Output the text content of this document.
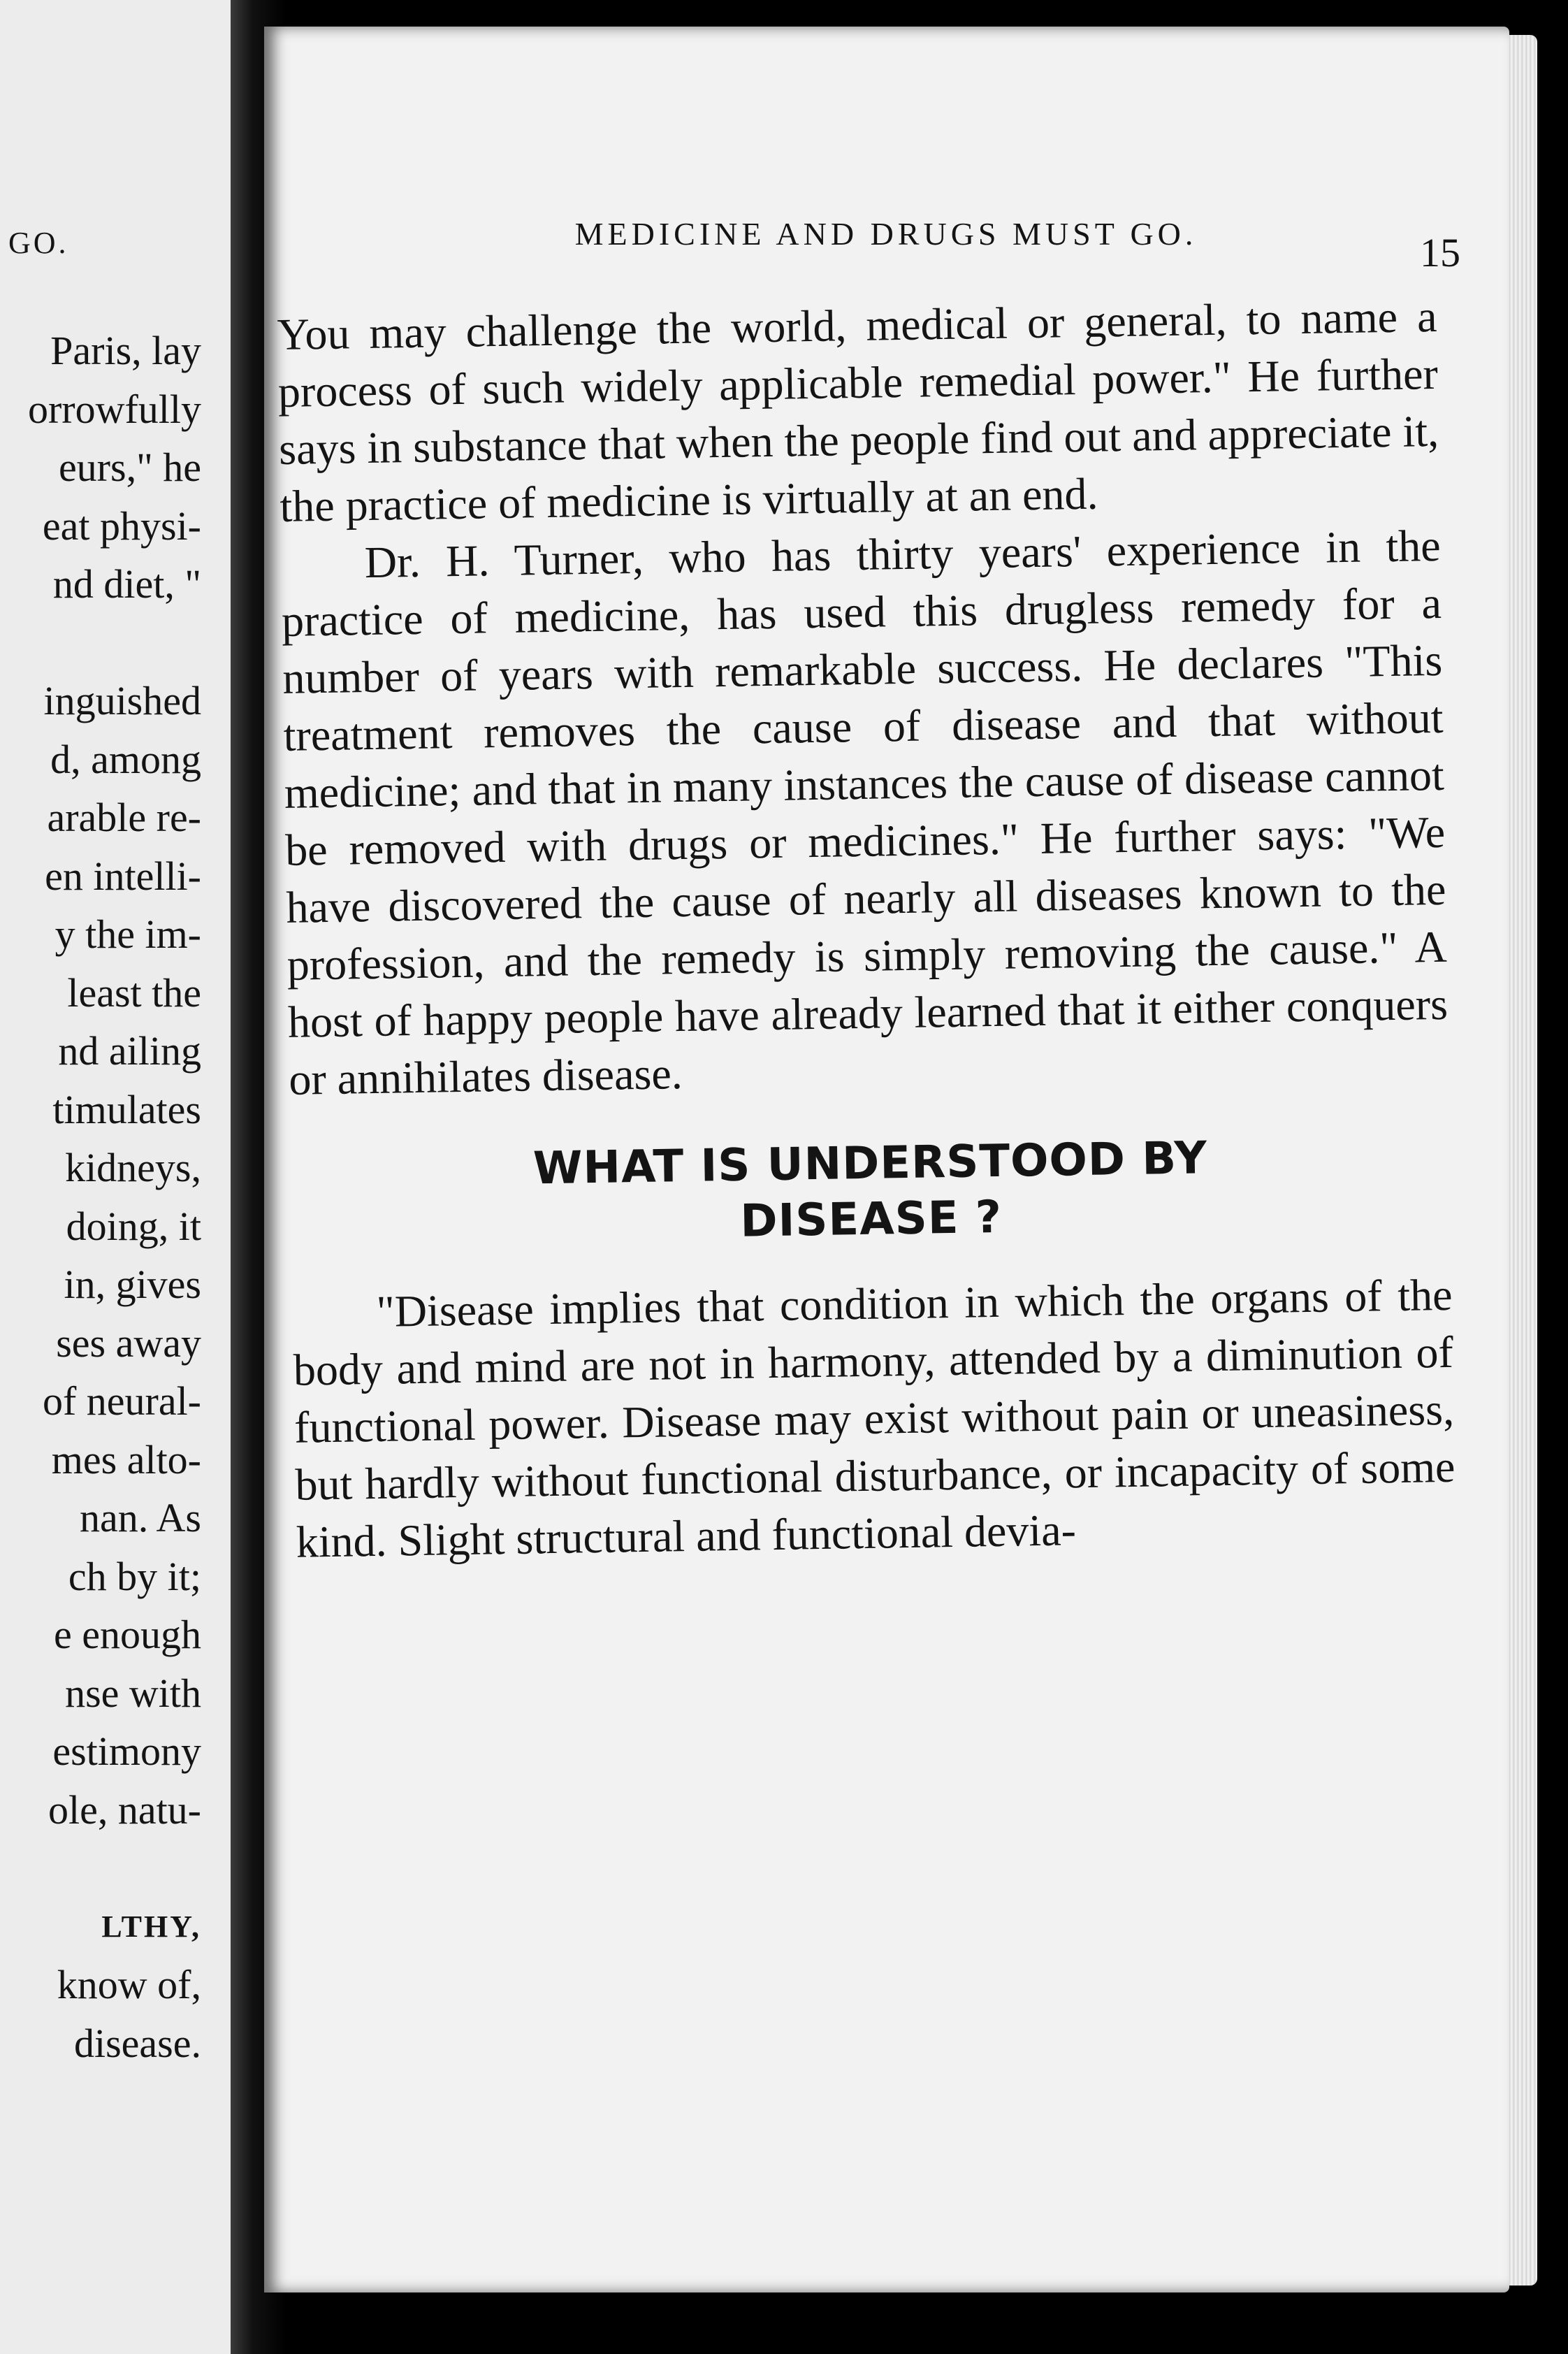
GO.
Paris, lay
orrowfully
eurs," he
eat physi-
nd diet, "
inguished
d, among
arable re-
en intelli-
y the im-
least the
nd ailing
timulates
kidneys,
doing, it
in, gives
ses away
of neural-
mes alto-
nan. As
ch by it;
e enough
nse with
estimony
ole, natu-
LTHY,
know of,
disease.
MEDICINE AND DRUGS MUST GO.	15

You may challenge the world, medical or general, to name a process of such widely applicable remedial power." He further says in substance that when the people find out and appreciate it, the practice of medicine is virtually at an end.

Dr. H. Turner, who has thirty years' experience in the practice of medicine, has used this drugless remedy for a number of years with remarkable success. He declares "This treatment removes the cause of disease and that without medicine; and that in many instances the cause of disease cannot be removed with drugs or medicines." He further says: "We have discovered the cause of nearly all diseases known to the profession, and the remedy is simply removing the cause." A host of happy people have already learned that it either conquers or annihilates disease.

WHAT IS UNDERSTOOD BY
DISEASE ?

"Disease implies that condition in which the organs of the body and mind are not in harmony, attended by a diminution of functional power. Disease may exist without pain or uneasiness, but hardly without functional disturbance, or incapacity of some kind. Slight structural and functional devia-
